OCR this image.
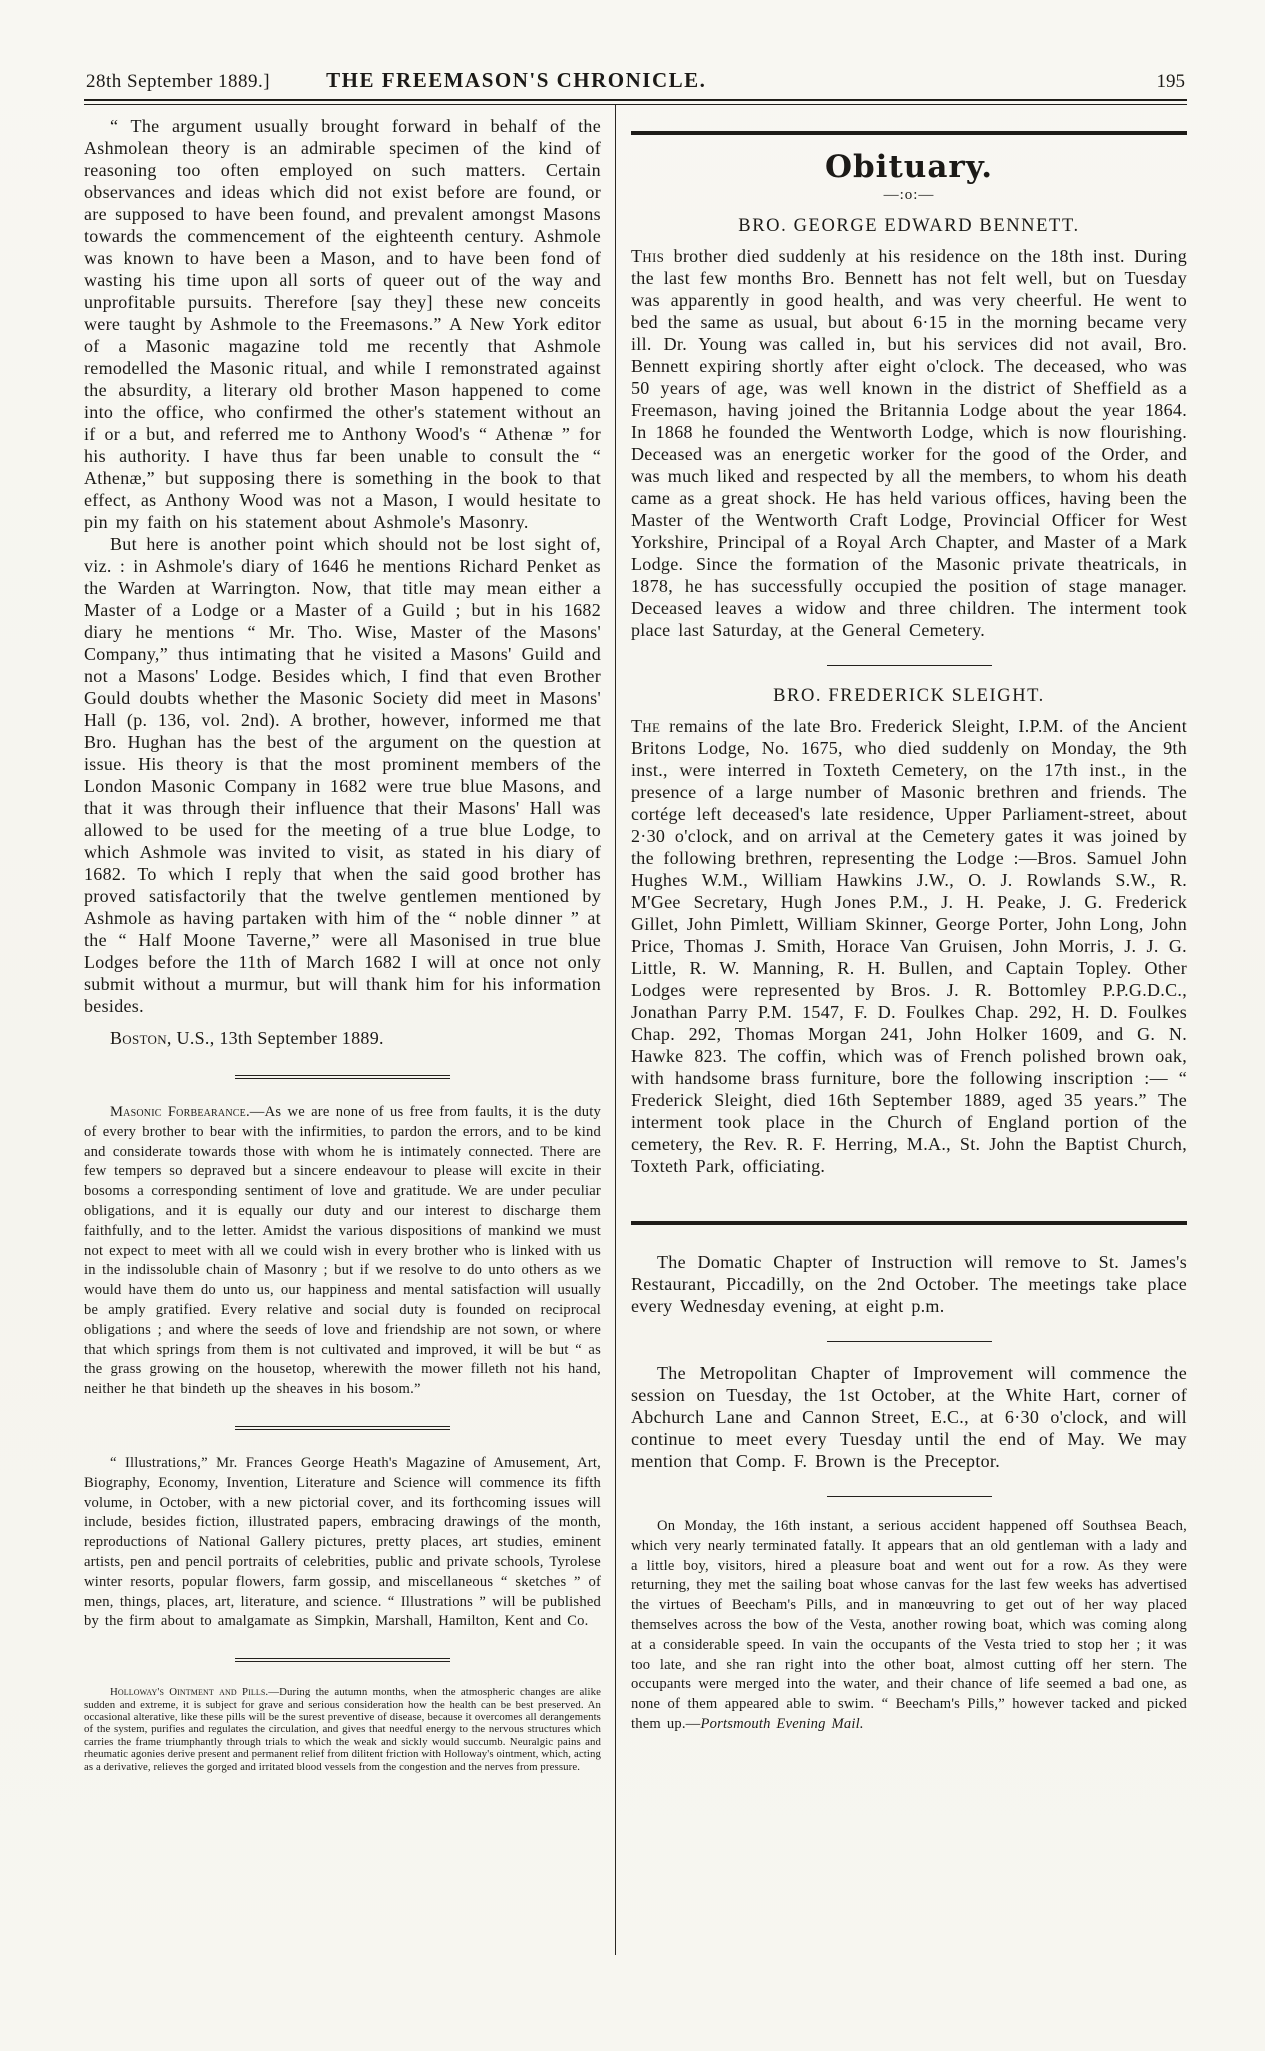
28th September 1889.]	THE FREEMASON'S CHRONICLE.	195

“ The argument usually brought forward in behalf of the Ashmolean theory is an admirable specimen of the kind of reasoning too often employed on such matters. Certain observances and ideas which did not exist before are found, or are supposed to have been found, and prevalent amongst Masons towards the commencement of the eighteenth century. Ashmole was known to have been a Mason, and to have been fond of wasting his time upon all sorts of queer out of the way and unprofitable pursuits. Therefore [say they] these new conceits were taught by Ashmole to the Freemasons.” A New York editor of a Masonic magazine told me recently that Ashmole remodelled the Masonic ritual, and while I remonstrated against the absurdity, a literary old brother Mason happened to come into the office, who confirmed the other's statement without an if or a but, and referred me to Anthony Wood's “ Athenæ ” for his authority. I have thus far been unable to consult the “ Athenæ,” but supposing there is something in the book to that effect, as Anthony Wood was not a Mason, I would hesitate to pin my faith on his statement about Ashmole's Masonry.

But here is another point which should not be lost sight of, viz. : in Ashmole's diary of 1646 he mentions Richard Penket as the Warden at Warrington. Now, that title may mean either a Master of a Lodge or a Master of a Guild ; but in his 1682 diary he mentions “ Mr. Tho. Wise, Master of the Masons' Company,” thus intimating that he visited a Masons' Guild and not a Masons' Lodge. Besides which, I find that even Brother Gould doubts whether the Masonic Society did meet in Masons' Hall (p. 136, vol. 2nd). A brother, however, informed me that Bro. Hughan has the best of the argument on the question at issue. His theory is that the most prominent members of the London Masonic Company in 1682 were true blue Masons, and that it was through their influence that their Masons' Hall was allowed to be used for the meeting of a true blue Lodge, to which Ashmole was invited to visit, as stated in his diary of 1682. To which I reply that when the said good brother has proved satisfactorily that the twelve gentlemen mentioned by Ashmole as having partaken with him of the “ noble dinner ” at the “ Half Moone Taverne,” were all Masonised in true blue Lodges before the 11th of March 1682 I will at once not only submit without a murmur, but will thank him for his information besides.

Boston, U.S., 13th September 1889.

Masonic Forbearance.—As we are none of us free from faults, it is the duty of every brother to bear with the infirmities, to pardon the errors, and to be kind and considerate towards those with whom he is intimately connected. There are few tempers so depraved but a sincere endeavour to please will excite in their bosoms a corresponding sentiment of love and gratitude. We are under peculiar obligations, and it is equally our duty and our interest to discharge them faithfully, and to the letter. Amidst the various dispositions of mankind we must not expect to meet with all we could wish in every brother who is linked with us in the indissoluble chain of Masonry ; but if we resolve to do unto others as we would have them do unto us, our happiness and mental satisfaction will usually be amply gratified. Every relative and social duty is founded on reciprocal obligations ; and where the seeds of love and friendship are not sown, or where that which springs from them is not cultivated and improved, it will be but “ as the grass growing on the housetop, wherewith the mower filleth not his hand, neither he that bindeth up the sheaves in his bosom.”

“ Illustrations,” Mr. Frances George Heath's Magazine of Amusement, Art, Biography, Economy, Invention, Literature and Science will commence its fifth volume, in October, with a new pictorial cover, and its forthcoming issues will include, besides fiction, illustrated papers, embracing drawings of the month, reproductions of National Gallery pictures, pretty places, art studies, eminent artists, pen and pencil portraits of celebrities, public and private schools, Tyrolese winter resorts, popular flowers, farm gossip, and miscellaneous “ sketches ” of men, things, places, art, literature, and science. “ Illustrations ” will be published by the firm about to amalgamate as Simpkin, Marshall, Hamilton, Kent and Co.

Holloway's Ointment and Pills.—During the autumn months, when the atmospheric changes are alike sudden and extreme, it is subject for grave and serious consideration how the health can be best preserved. An occasional alterative, like these pills will be the surest preventive of disease, because it overcomes all derangements of the system, purifies and regulates the circulation, and gives that needful energy to the nervous structures which carries the frame triumphantly through trials to which the weak and sickly would succumb. Neuralgic pains and rheumatic agonies derive present and permanent relief from dilitent friction with Holloway's ointment, which, acting as a derivative, relieves the gorged and irritated blood vessels from the congestion and the nerves from pressure.

Obituary.
—:o:—
BRO. GEORGE EDWARD BENNETT.

This brother died suddenly at his residence on the 18th inst. During the last few months Bro. Bennett has not felt well, but on Tuesday was apparently in good health, and was very cheerful. He went to bed the same as usual, but about 6·15 in the morning became very ill. Dr. Young was called in, but his services did not avail, Bro. Bennett expiring shortly after eight o'clock. The deceased, who was 50 years of age, was well known in the district of Sheffield as a Freemason, having joined the Britannia Lodge about the year 1864. In 1868 he founded the Wentworth Lodge, which is now flourishing. Deceased was an energetic worker for the good of the Order, and was much liked and respected by all the members, to whom his death came as a great shock. He has held various offices, having been the Master of the Wentworth Craft Lodge, Provincial Officer for West Yorkshire, Principal of a Royal Arch Chapter, and Master of a Mark Lodge. Since the formation of the Masonic private theatricals, in 1878, he has successfully occupied the position of stage manager. Deceased leaves a widow and three children. The interment took place last Saturday, at the General Cemetery.

BRO. FREDERICK SLEIGHT.

The remains of the late Bro. Frederick Sleight, I.P.M. of the Ancient Britons Lodge, No. 1675, who died suddenly on Monday, the 9th inst., were interred in Toxteth Cemetery, on the 17th inst., in the presence of a large number of Masonic brethren and friends. The cortége left deceased's late residence, Upper Parliament-street, about 2·30 o'clock, and on arrival at the Cemetery gates it was joined by the following brethren, representing the Lodge :—Bros. Samuel John Hughes W.M., William Hawkins J.W., O. J. Rowlands S.W., R. M'Gee Secretary, Hugh Jones P.M., J. H. Peake, J. G. Frederick Gillet, John Pimlett, William Skinner, George Porter, John Long, John Price, Thomas J. Smith, Horace Van Gruisen, John Morris, J. J. G. Little, R. W. Manning, R. H. Bullen, and Captain Topley. Other Lodges were represented by Bros. J. R. Bottomley P.P.G.D.C., Jonathan Parry P.M. 1547, F. D. Foulkes Chap. 292, H. D. Foulkes Chap. 292, Thomas Morgan 241, John Holker 1609, and G. N. Hawke 823. The coffin, which was of French polished brown oak, with handsome brass furniture, bore the following inscription :— “ Frederick Sleight, died 16th September 1889, aged 35 years.” The interment took place in the Church of England portion of the cemetery, the Rev. R. F. Herring, M.A., St. John the Baptist Church, Toxteth Park, officiating.

The Domatic Chapter of Instruction will remove to St. James's Restaurant, Piccadilly, on the 2nd October. The meetings take place every Wednesday evening, at eight p.m.

The Metropolitan Chapter of Improvement will commence the session on Tuesday, the 1st October, at the White Hart, corner of Abchurch Lane and Cannon Street, E.C., at 6·30 o'clock, and will continue to meet every Tuesday until the end of May. We may mention that Comp. F. Brown is the Preceptor.

On Monday, the 16th instant, a serious accident happened off Southsea Beach, which very nearly terminated fatally. It appears that an old gentleman with a lady and a little boy, visitors, hired a pleasure boat and went out for a row. As they were returning, they met the sailing boat whose canvas for the last few weeks has advertised the virtues of Beecham's Pills, and in manœuvring to get out of her way placed themselves across the bow of the Vesta, another rowing boat, which was coming along at a considerable speed. In vain the occupants of the Vesta tried to stop her ; it was too late, and she ran right into the other boat, almost cutting off her stern. The occupants were merged into the water, and their chance of life seemed a bad one, as none of them appeared able to swim. “ Beecham's Pills,” however tacked and picked them up.—Portsmouth Evening Mail.
